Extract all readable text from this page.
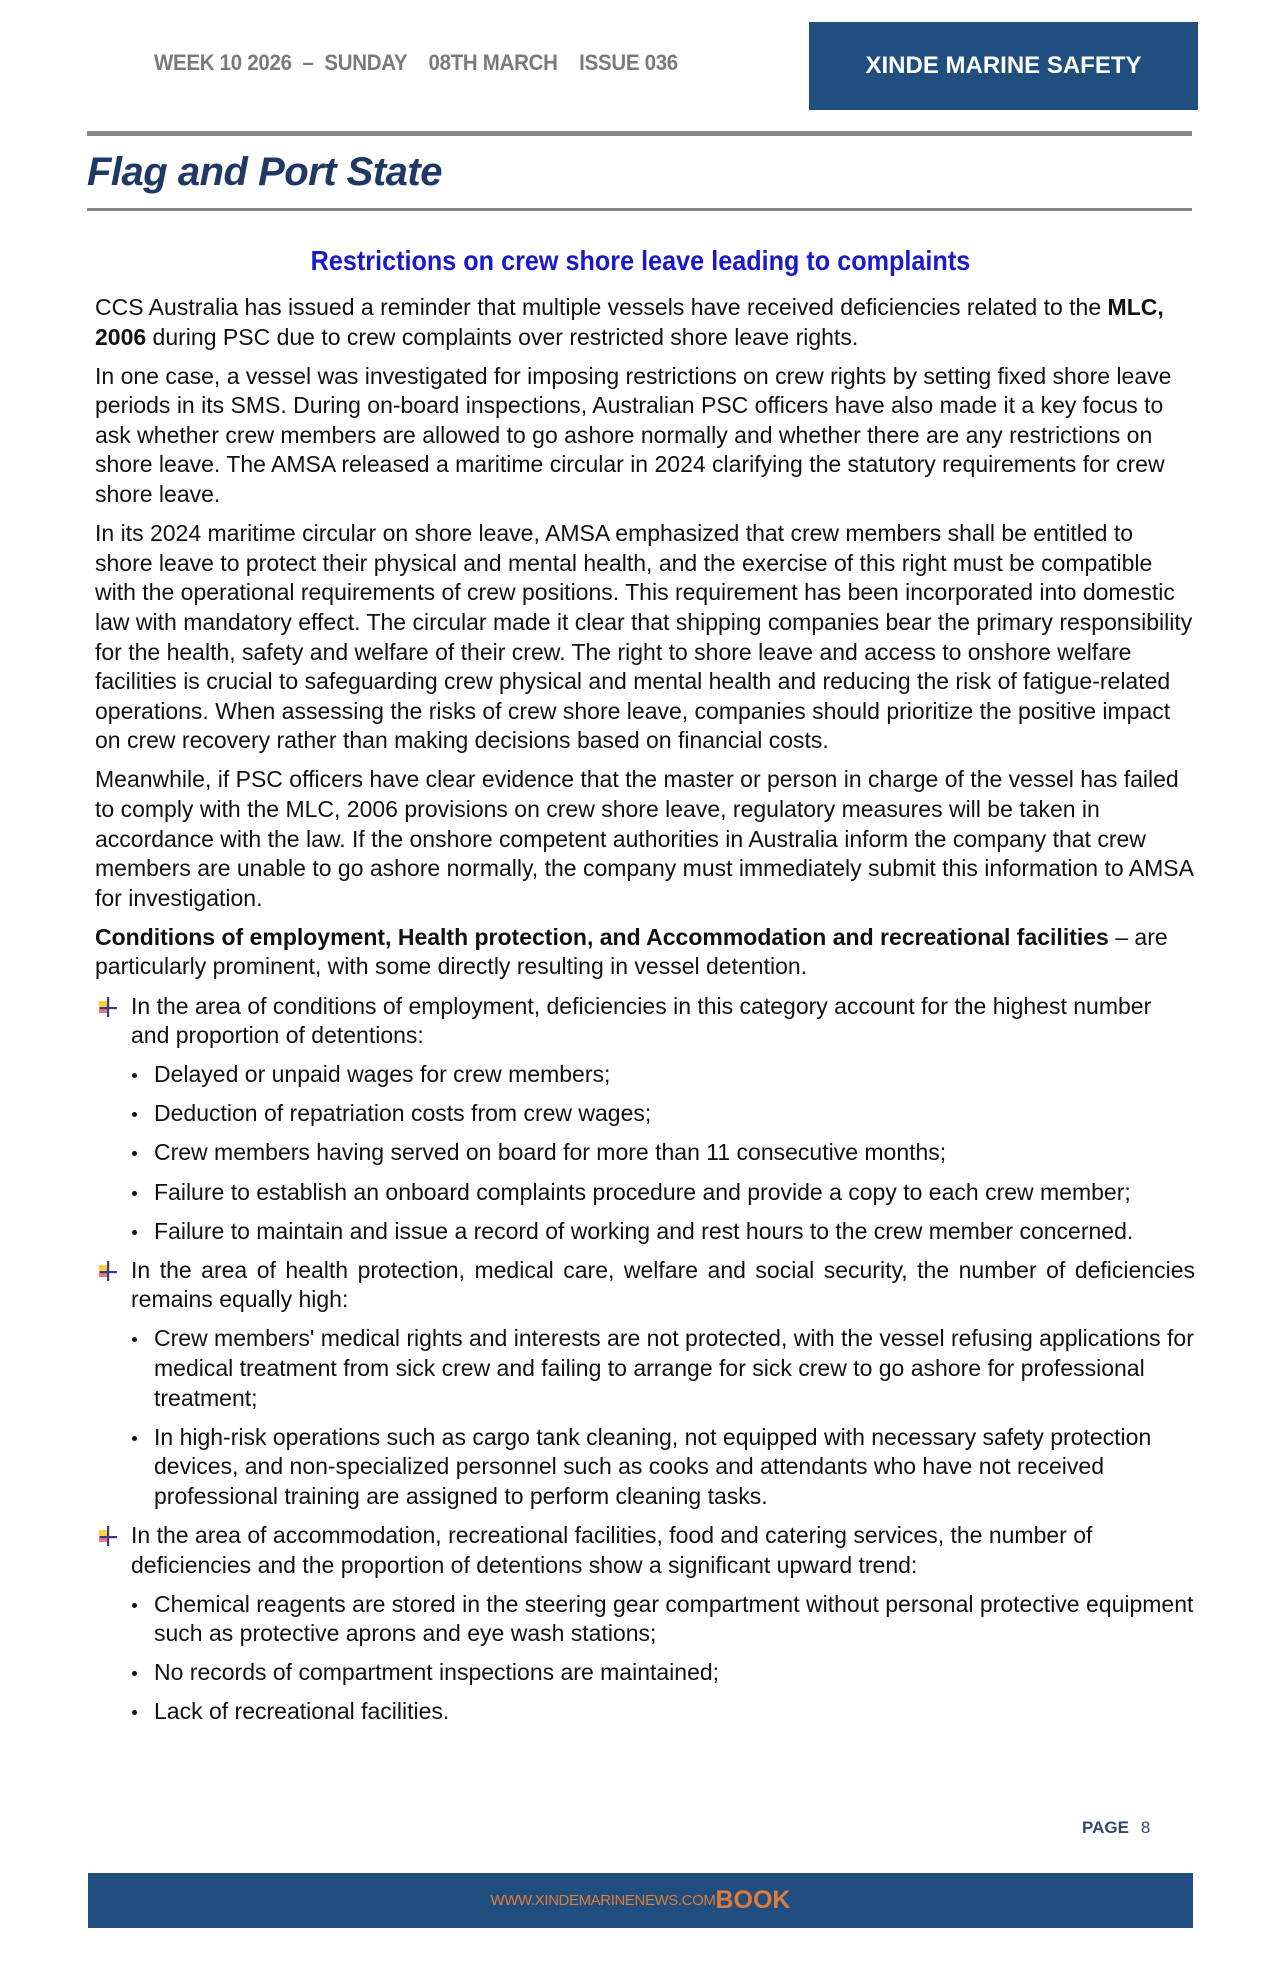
WEEK 10 2026  –  SUNDAY    08TH MARCH    ISSUE 036	XINDE MARINE SAFETY
Flag and Port State
Restrictions on crew shore leave leading to complaints

CCS Australia has issued a reminder that multiple vessels have received deficiencies related to the MLC, 2006 during PSC due to crew complaints over restricted shore leave rights.

In one case, a vessel was investigated for imposing restrictions on crew rights by setting fixed shore leave periods in its SMS. During on-board inspections, Australian PSC officers have also made it a key focus to ask whether crew members are allowed to go ashore normally and whether there are any restrictions on shore leave. The AMSA released a maritime circular in 2024 clarifying the statutory requirements for crew shore leave.

In its 2024 maritime circular on shore leave, AMSA emphasized that crew members shall be entitled to shore leave to protect their physical and mental health, and the exercise of this right must be compatible with the operational requirements of crew positions. This requirement has been incorporated into domestic law with mandatory effect. The circular made it clear that shipping companies bear the primary responsibility for the health, safety and welfare of their crew. The right to shore leave and access to onshore welfare facilities is crucial to safeguarding crew physical and mental health and reducing the risk of fatigue-related operations. When assessing the risks of crew shore leave, companies should prioritize the positive impact on crew recovery rather than making decisions based on financial costs.

Meanwhile, if PSC officers have clear evidence that the master or person in charge of the vessel has failed to comply with the MLC, 2006 provisions on crew shore leave, regulatory measures will be taken in accordance with the law. If the onshore competent authorities in Australia inform the company that crew members are unable to go ashore normally, the company must immediately submit this information to AMSA for investigation.

Conditions of employment, Health protection, and Accommodation and recreational facilities – are particularly prominent, with some directly resulting in vessel detention.

In the area of conditions of employment, deficiencies in this category account for the highest number and proportion of detentions:
Delayed or unpaid wages for crew members;
Deduction of repatriation costs from crew wages;
Crew members having served on board for more than 11 consecutive months;
Failure to establish an onboard complaints procedure and provide a copy to each crew member;
Failure to maintain and issue a record of working and rest hours to the crew member concerned.
In the area of health protection, medical care, welfare and social security, the number of deficiencies remains equally high:
Crew members' medical rights and interests are not protected, with the vessel refusing applications for medical treatment from sick crew and failing to arrange for sick crew to go ashore for professional treatment;
In high-risk operations such as cargo tank cleaning, not equipped with necessary safety protection devices, and non-specialized personnel such as cooks and attendants who have not received professional training are assigned to perform cleaning tasks.
In the area of accommodation, recreational facilities, food and catering services, the number of deficiencies and the proportion of detentions show a significant upward trend:
Chemical reagents are stored in the steering gear compartment without personal protective equipment such as protective aprons and eye wash stations;
No records of compartment inspections are maintained;
Lack of recreational facilities.
PAGE 8
WWW.XINDEMARINENEWS.COM BOOK
